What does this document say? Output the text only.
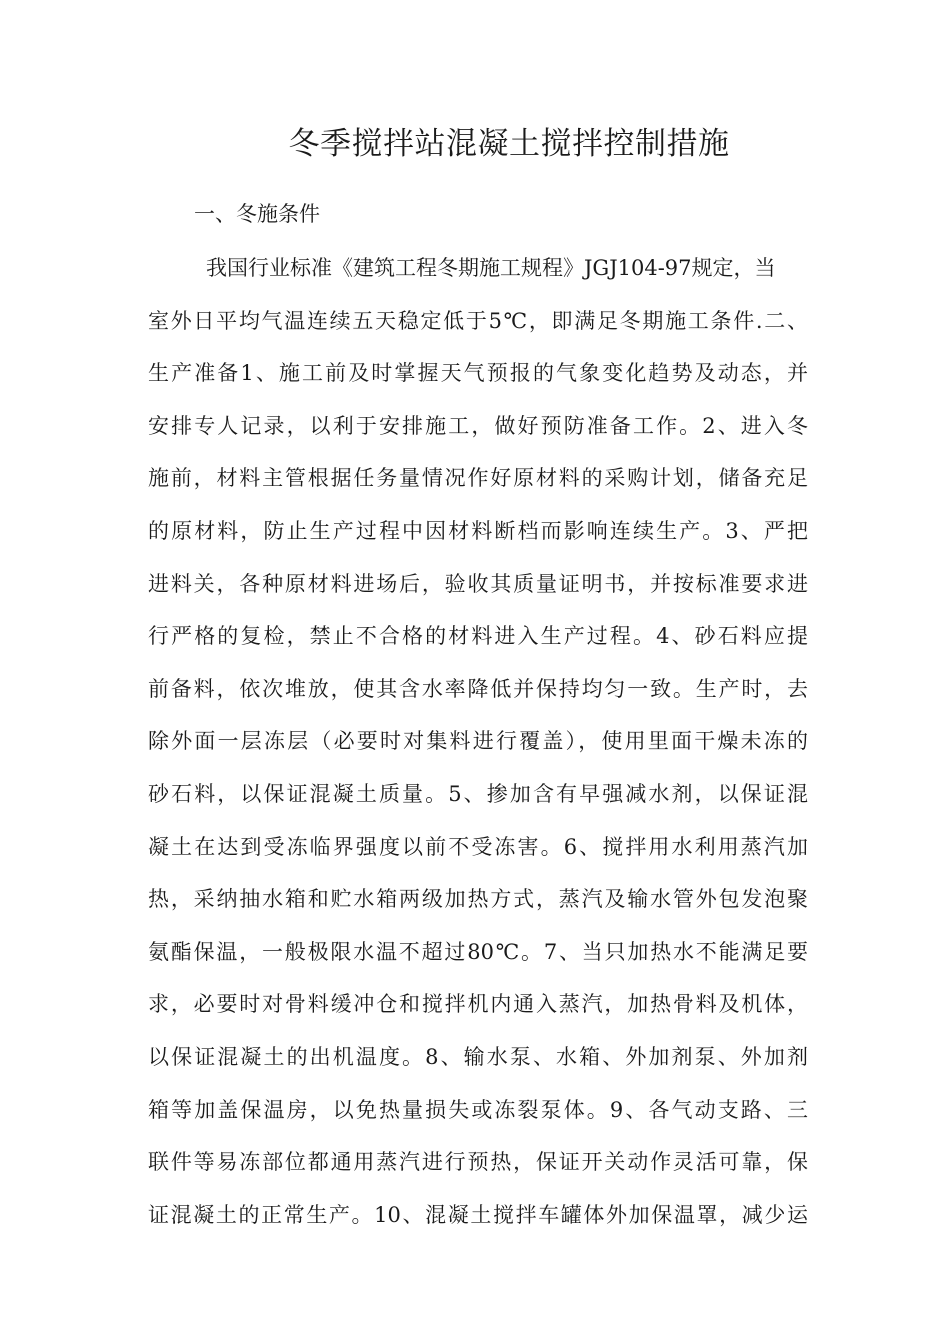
冬季搅拌站混凝土搅拌控制措施
一、冬施条件
我国行业标准《建筑工程冬期施工规程》JGJ104-97规定，当
室外日平均气温连续五天稳定低于5℃，即满足冬期施工条件.二、
生产准备1、施工前及时掌握天气预报的气象变化趋势及动态，并
安排专人记录，以利于安排施工，做好预防准备工作。2、进入冬
施前，材料主管根据任务量情况作好原材料的采购计划，储备充足
的原材料，防止生产过程中因材料断档而影响连续生产。3、严把
进料关，各种原材料进场后，验收其质量证明书，并按标准要求进
行严格的复检，禁止不合格的材料进入生产过程。4、砂石料应提
前备料，依次堆放，使其含水率降低并保持均匀一致。生产时，去
除外面一层冻层（必要时对集料进行覆盖），使用里面干燥未冻的
砂石料，以保证混凝土质量。5、掺加含有早强减水剂，以保证混
凝土在达到受冻临界强度以前不受冻害。6、搅拌用水利用蒸汽加
热，采纳抽水箱和贮水箱两级加热方式，蒸汽及输水管外包发泡聚
氨酯保温，一般极限水温不超过80℃。7、当只加热水不能满足要
求，必要时对骨料缓冲仓和搅拌机内通入蒸汽，加热骨料及机体，
以保证混凝土的出机温度。8、输水泵、水箱、外加剂泵、外加剂
箱等加盖保温房，以免热量损失或冻裂泵体。9、各气动支路、三
联件等易冻部位都通用蒸汽进行预热，保证开关动作灵活可靠，保
证混凝土的正常生产。10、混凝土搅拌车罐体外加保温罩，减少运
